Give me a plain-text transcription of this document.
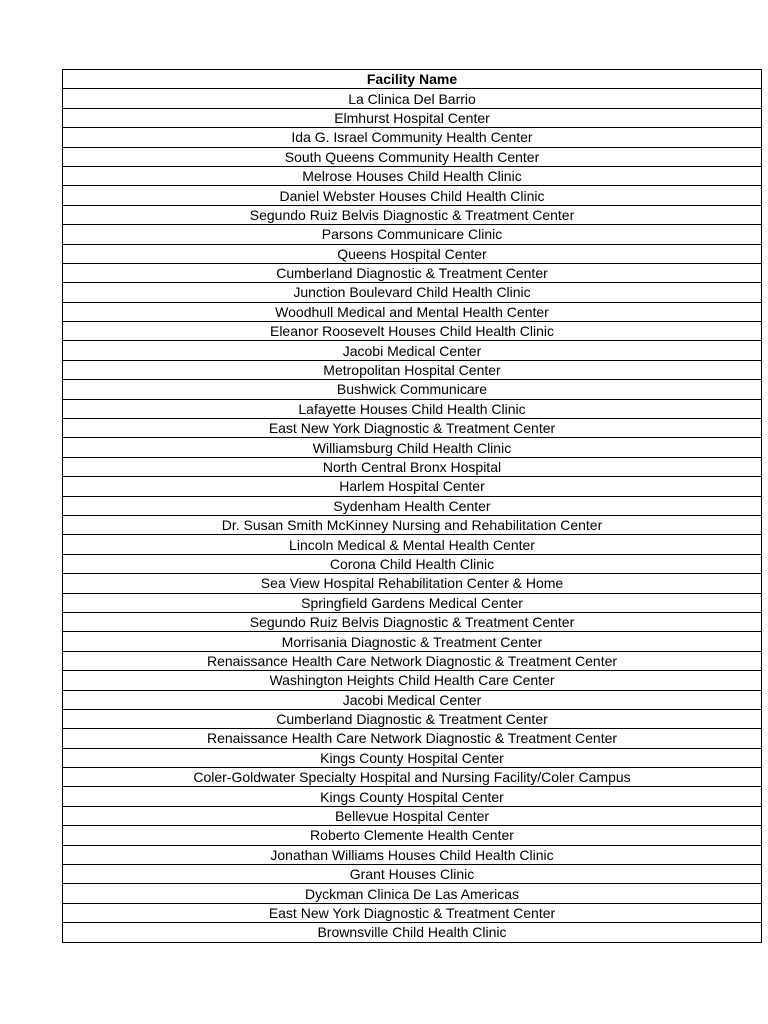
Facility Name
La Clinica Del Barrio
Elmhurst Hospital Center
Ida G. Israel Community Health Center
South Queens Community Health Center
Melrose Houses Child Health Clinic
Daniel Webster Houses Child Health Clinic
Segundo Ruiz Belvis Diagnostic & Treatment Center
Parsons Communicare Clinic
Queens Hospital Center
Cumberland Diagnostic & Treatment Center
Junction Boulevard Child Health Clinic
Woodhull Medical and Mental Health Center
Eleanor Roosevelt Houses Child Health Clinic
Jacobi Medical Center
Metropolitan Hospital Center
Bushwick Communicare
Lafayette Houses Child Health Clinic
East New York Diagnostic & Treatment Center
Williamsburg Child Health Clinic
North Central Bronx Hospital
Harlem Hospital Center
Sydenham Health Center
Dr. Susan Smith McKinney Nursing and Rehabilitation Center
Lincoln Medical & Mental Health Center
Corona Child Health Clinic
Sea View Hospital Rehabilitation Center & Home
Springfield Gardens Medical Center
Segundo Ruiz Belvis Diagnostic & Treatment Center
Morrisania Diagnostic & Treatment Center
Renaissance Health Care Network Diagnostic & Treatment Center
Washington Heights Child Health Care Center
Jacobi Medical Center
Cumberland Diagnostic & Treatment Center
Renaissance Health Care Network Diagnostic & Treatment Center
Kings County Hospital Center
Coler-Goldwater Specialty Hospital and Nursing Facility/Coler Campus
Kings County Hospital Center
Bellevue Hospital Center
Roberto Clemente Health Center
Jonathan Williams Houses Child Health Clinic
Grant Houses Clinic
Dyckman Clinica De Las Americas
East New York Diagnostic & Treatment Center
Brownsville Child Health Clinic
